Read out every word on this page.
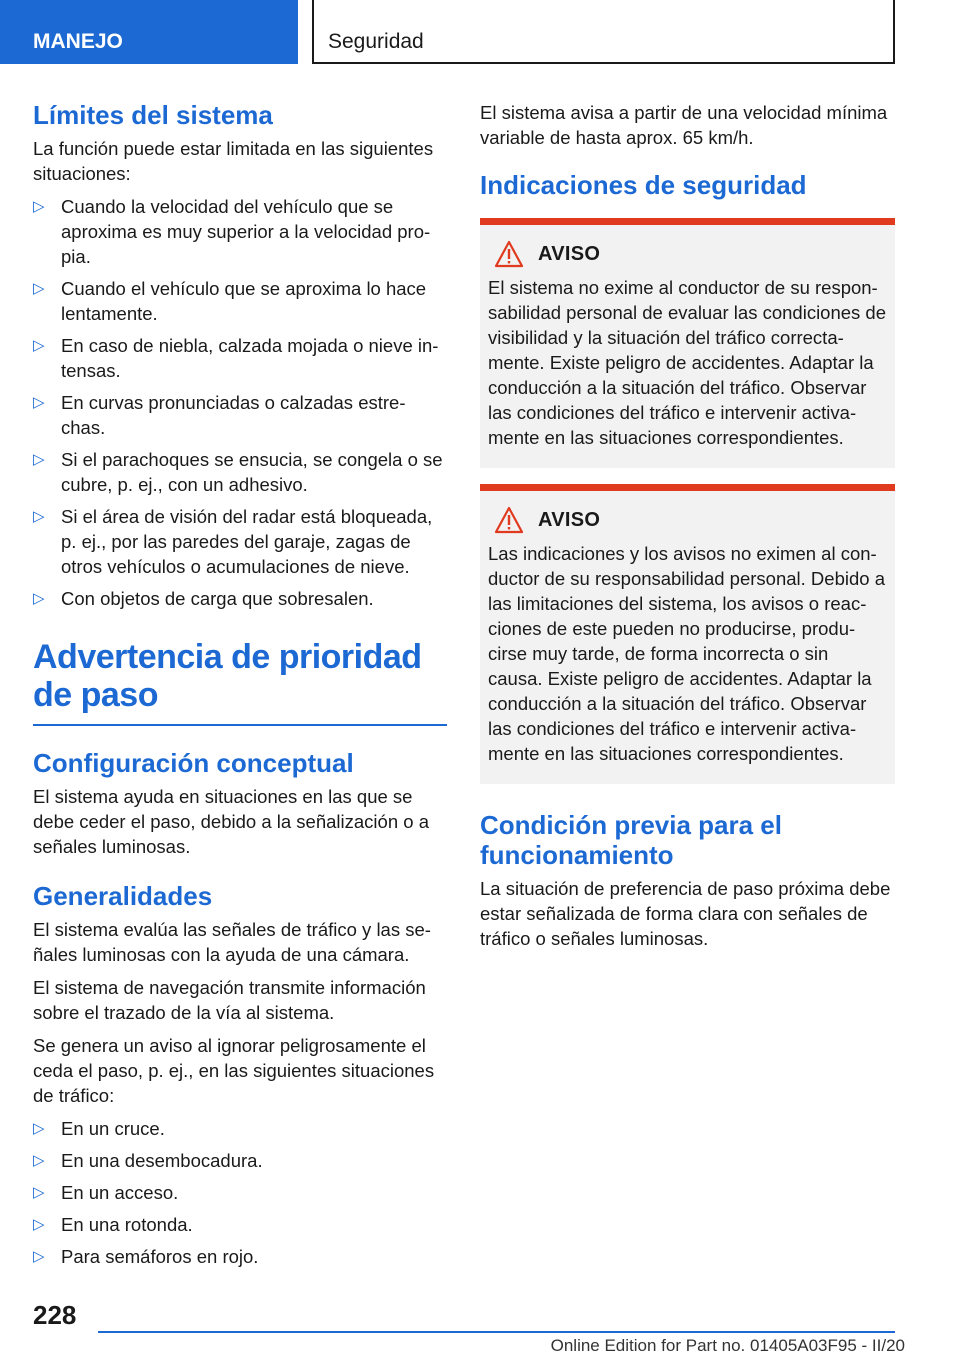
MANEJO	Seguridad
Límites del sistema

La función puede estar limitada en las siguientes situaciones:

▷ Cuando la velocidad del vehículo que se aproxima es muy superior a la velocidad pro-pia.
▷ Cuando el vehículo que se aproxima lo hace lentamente.
▷ En caso de niebla, calzada mojada o nieve in-tensas.
▷ En curvas pronunciadas o calzadas estre-chas.
▷ Si el parachoques se ensucia, se congela o se cubre, p. ej., con un adhesivo.
▷ Si el área de visión del radar está bloqueada, p. ej., por las paredes del garaje, zagas de otros vehículos o acumulaciones de nieve.
▷ Con objetos de carga que sobresalen.
Advertencia de prioridad de paso
Configuración conceptual

El sistema ayuda en situaciones en las que se debe ceder el paso, debido a la señalización o a señales luminosas.

Generalidades

El sistema evalúa las señales de tráfico y las se-ñales luminosas con la ayuda de una cámara.

El sistema de navegación transmite información sobre el trazado de la vía al sistema.

Se genera un aviso al ignorar peligrosamente el ceda el paso, p. ej., en las siguientes situaciones de tráfico:

▷ En un cruce.
▷ En una desembocadura.
▷ En un acceso.
▷ En una rotonda.
▷ Para semáforos en rojo.

El sistema avisa a partir de una velocidad mínima variable de hasta aprox. 65 km/h.

Indicaciones de seguridad
AVISO

El sistema no exime al conductor de su respon-sabilidad personal de evaluar las condiciones de visibilidad y la situación del tráfico correcta-mente. Existe peligro de accidentes. Adaptar la conducción a la situación del tráfico. Observar las condiciones del tráfico e intervenir activa-mente en las situaciones correspondientes.

AVISO

Las indicaciones y los avisos no eximen al con-ductor de su responsabilidad personal. Debido a las limitaciones del sistema, los avisos o reac-ciones de este pueden no producirse, produ-cirse muy tarde, de forma incorrecta o sin causa. Existe peligro de accidentes. Adaptar la conducción a la situación del tráfico. Observar las condiciones del tráfico e intervenir activa-mente en las situaciones correspondientes.

Condición previa para el funcionamiento

La situación de preferencia de paso próxima debe estar señalizada de forma clara con señales de tráfico o señales luminosas.

228
Online Edition for Part no. 01405A03F95 - II/20
